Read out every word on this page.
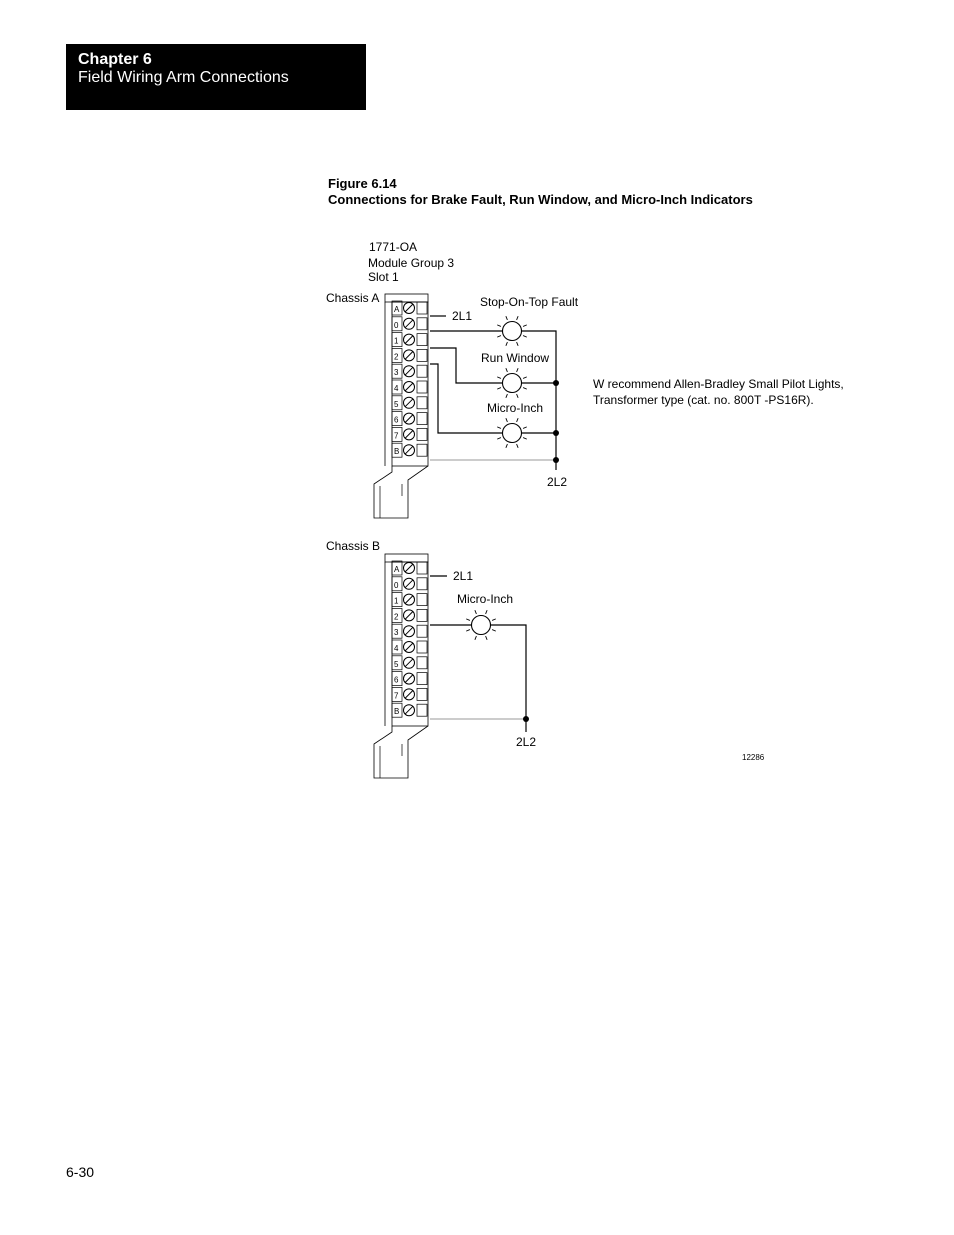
Chapter 6
Field Wiring Arm Connections
Figure 6.14
Connections for Brake Fault, Run Window, and Micro-Inch Indicators
1771-OA
Module Group 3
Slot 1
Chassis A
2L1
Stop-On-Top Fault
Run Window
Micro-Inch
2L2
W recommend Allen-Bradley Small Pilot Lights,
Transformer type (cat. no. 800T -PS16R).
Chassis B
2L1
Micro-Inch
2L2
12286
A
0
1
2
3
4
5
6
7
B
A
0
1
2
3
4
5
6
7
B
6-30
